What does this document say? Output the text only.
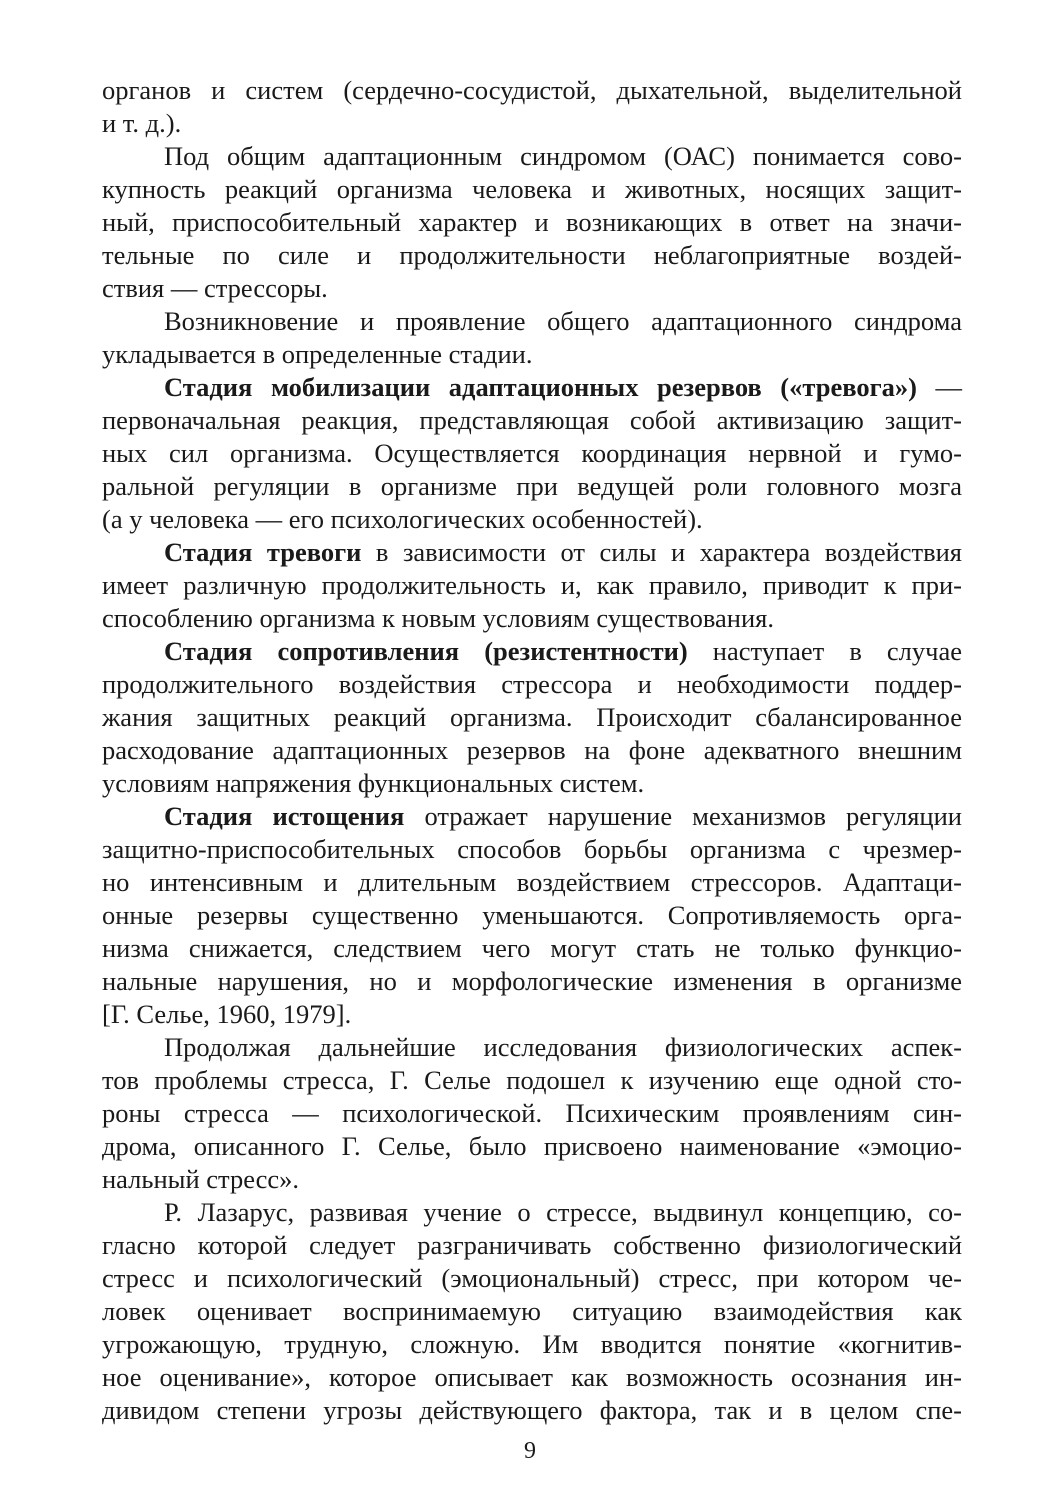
органов и систем (сердечно-сосудистой, дыхательной, выделительной
и т. д.).

Под общим адаптационным синдромом (ОАС) понимается сово-
купность реакций организма человека и животных, носящих защит-
ный, приспособительный характер и возникающих в ответ на значи-
тельные по силе и продолжительности неблагоприятные воздей-
ствия — стрессоры.

Возникновение и проявление общего адаптационного синдрома
укладывается в определенные стадии.

Стадия мобилизации адаптационных резервов («тревога») —
первоначальная реакция, представляющая собой активизацию защит-
ных сил организма. Осуществляется координация нервной и гумо-
ральной регуляции в организме при ведущей роли головного мозга
(а у человека — его психологических особенностей).

Стадия тревоги в зависимости от силы и характера воздействия
имеет различную продолжительность и, как правило, приводит к при-
способлению организма к новым условиям существования.

Стадия сопротивления (резистентности) наступает в случае
продолжительного воздействия стрессора и необходимости поддер-
жания защитных реакций организма. Происходит сбалансированное
расходование адаптационных резервов на фоне адекватного внешним
условиям напряжения функциональных систем.

Стадия истощения отражает нарушение механизмов регуляции
защитно-приспособительных способов борьбы организма с чрезмер-
но интенсивным и длительным воздействием стрессоров. Адаптаци-
онные резервы существенно уменьшаются. Сопротивляемость орга-
низма снижается, следствием чего могут стать не только функцио-
нальные нарушения, но и морфологические изменения в организме
[Г. Селье, 1960, 1979].

Продолжая дальнейшие исследования физиологических аспек-
тов проблемы стресса, Г. Селье подошел к изучению еще одной сто-
роны стресса — психологической. Психическим проявлениям син-
дрома, описанного Г. Селье, было присвоено наименование «эмоцио-
нальный стресс».

Р. Лазарус, развивая учение о стрессе, выдвинул концепцию, со-
гласно которой следует разграничивать собственно физиологический
стресс и психологический (эмоциональный) стресс, при котором че-
ловек оценивает воспринимаемую ситуацию взаимодействия как
угрожающую, трудную, сложную. Им вводится понятие «когнитив-
ное оценивание», которое описывает как возможность осознания ин-
дивидом степени угрозы действующего фактора, так и в целом спе-

9
